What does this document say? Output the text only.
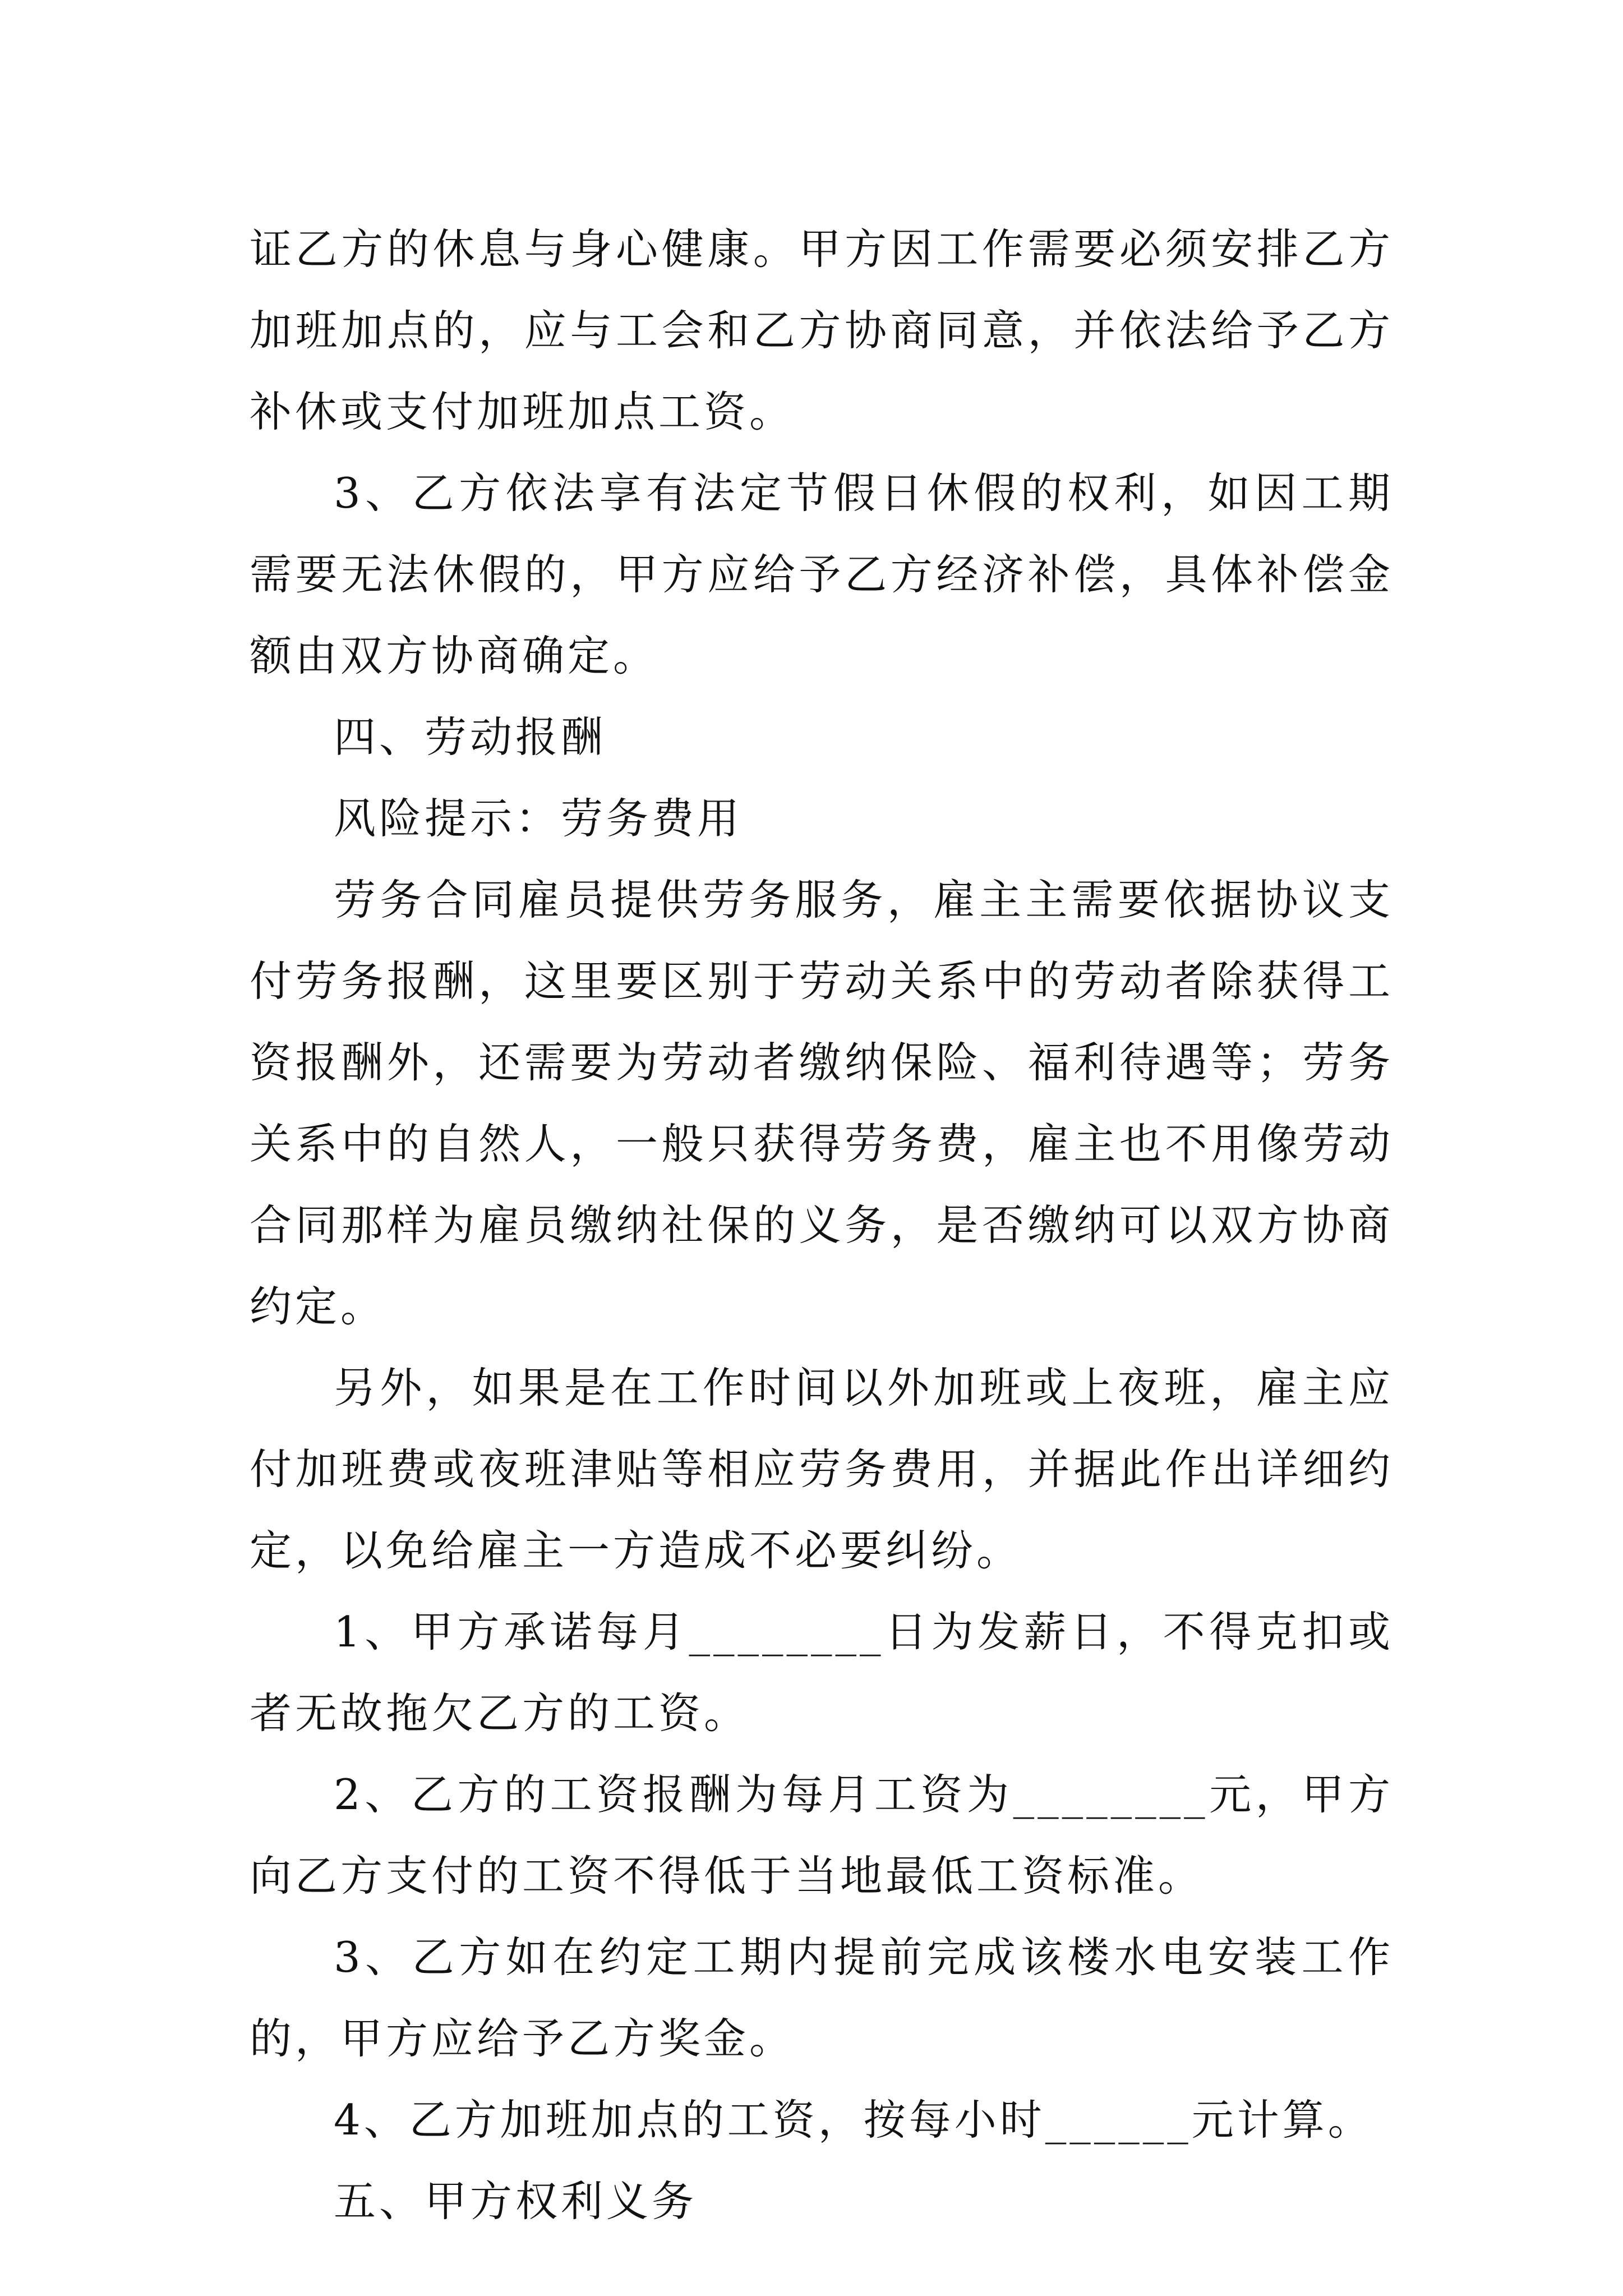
证乙方的休息与身心健康。甲方因工作需要必须安排乙方加班加点的，应与工会和乙方协商同意，并依法给予乙方补休或支付加班加点工资。

3、乙方依法享有法定节假日休假的权利，如因工期需要无法休假的，甲方应给予乙方经济补偿，具体补偿金额由双方协商确定。

四、劳动报酬

风险提示：劳务费用

劳务合同雇员提供劳务服务，雇主主需要依据协议支付劳务报酬，这里要区别于劳动关系中的劳动者除获得工资报酬外，还需要为劳动者缴纳保险、福利待遇等；劳务关系中的自然人，一般只获得劳务费，雇主也不用像劳动合同那样为雇员缴纳社保的义务，是否缴纳可以双方协商约定。

另外，如果是在工作时间以外加班或上夜班，雇主应付加班费或夜班津贴等相应劳务费用，并据此作出详细约定，以免给雇主一方造成不必要纠纷。

1、甲方承诺每月________日为发薪日，不得克扣或者无故拖欠乙方的工资。

2、乙方的工资报酬为每月工资为________元，甲方向乙方支付的工资不得低于当地最低工资标准。

3、乙方如在约定工期内提前完成该楼水电安装工作的，甲方应给予乙方奖金。

4、乙方加班加点的工资，按每小时______元计算。

五、甲方权利义务
